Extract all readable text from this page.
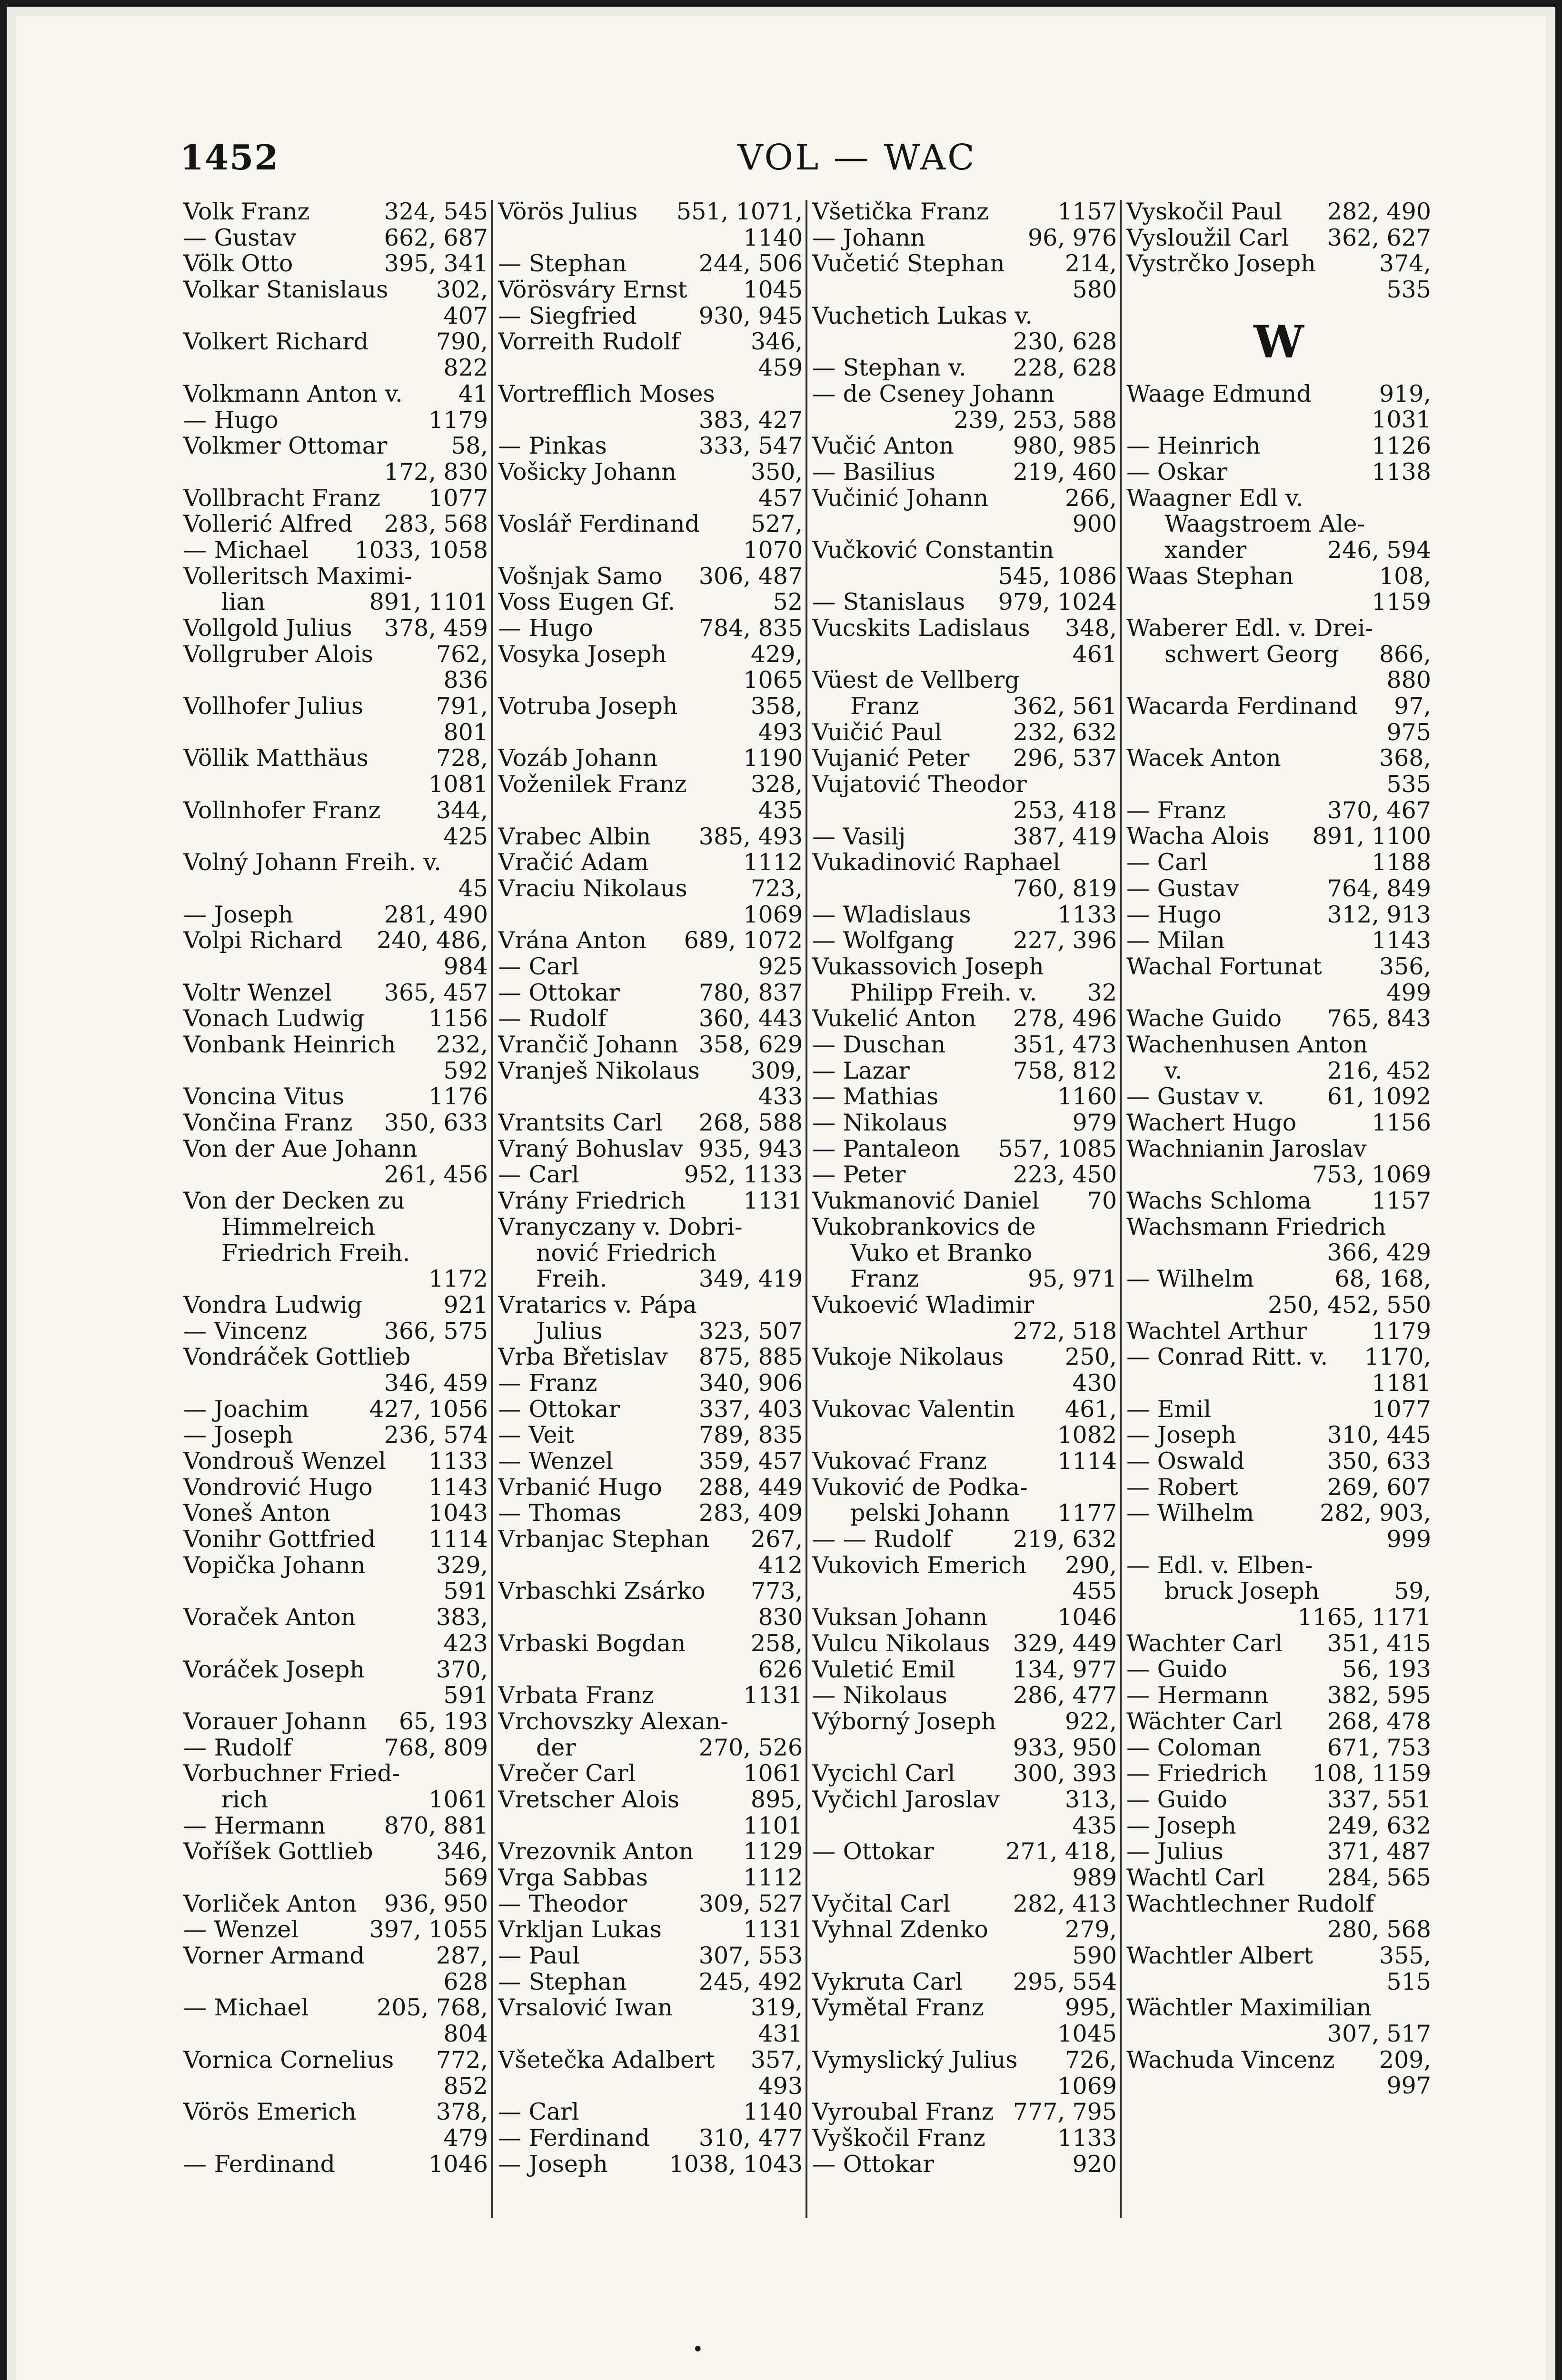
1452	VOL — WAC
Volk Franz	324, 545
— Gustav	662, 687
Völk Otto	395, 341
Volkar Stanislaus 302,
407
Volkert Richard	790,
822
Volkmann Anton v. 41
— Hugo	1179
Volkmer Ottomar	58,
172, 830
Vollbracht Franz 1077
Vollerić Alfred 283, 568
— Michael 1033, 1058
Volleritsch Maximi-
lian	891, 1101
Vollgold Julius 378, 459
Vollgruber Alois	762,
836
Vollhofer Julius	791,
801
Völlik Matthäus	728,
1081
Vollnhofer Franz 344,
425
Volný Johann Freih. v.
45
— Joseph	281, 490
Volpi Richard 240, 486,
984
Voltr Wenzel 365, 457
Vonach Ludwig	1156
Vonbank Heinrich 232,
592
Voncina Vitus	1176
Vončina Franz 350, 633
Von der Aue Johann
261, 456
Von der Decken zu
Himmelreich
Friedrich Freih.
1172
Vondra Ludwig	921
— Vincenz	366, 575
Vondráček Gottlieb
346, 459
— Joachim	427, 1056
— Joseph	236, 574
Vondrouš Wenzel 1133
Vondrović Hugo 1143
Voneš Anton	1043
Vonihr Gottfried 1114
Vopička Johann	329,
591
Voraček Anton	383,
423
Voráček Joseph	370,
591
Vorauer Johann 65, 193
— Rudolf	768, 809
Vorbuchner Fried-
rich	1061
— Hermann	870, 881
Voříšek Gottlieb	346,
569
Vorliček Anton 936, 950
— Wenzel	397, 1055
Vorner Armand	287,
628
— Michael	205, 768,
804
Vornica Cornelius 772,
852
Vörös Emerich	378,
479
— Ferdinand	1046
Vörös Julius 551, 1071,
1140
— Stephan	244, 506
Vörösváry Ernst 1045
— Siegfried	930, 945
Vorreith Rudolf	346,
459
Vortrefflich Moses
383, 427
— Pinkas	333, 547
Vošicky Johann	350,
457
Voslář Ferdinand 527,
1070
Vošnjak Samo 306, 487
Voss Eugen Gf.	52
— Hugo	784, 835
Vosyka Joseph	429,
1065
Votruba Joseph	358,
493
Vozáb Johann	1190
Voženilek Franz	328,
435
Vrabec Albin 385, 493
Vračić Adam	1112
Vraciu Nikolaus	723,
1069
Vrána Anton 689, 1072
— Carl	925
— Ottokar	780, 837
— Rudolf	360, 443
Vrančič Johann 358, 629
Vranješ Nikolaus 309,
433
Vrantsits Carl 268, 588
Vraný Bohuslav 935, 943
— Carl	952, 1133
Vrány Friedrich 1131
Vranyczany v. Dobri-
nović Friedrich
Freih.	349, 419
Vratarics v. Pápa
Julius	323, 507
Vrba Břetislav 875, 885
— Franz	340, 906
— Ottokar	337, 403
— Veit	789, 835
— Wenzel	359, 457
Vrbanić Hugo 288, 449
— Thomas	283, 409
Vrbanjac Stephan 267,
412
Vrbaschki Zsárko 773,
830
Vrbaski Bogdan	258,
626
Vrbata Franz	1131
Vrchovszky Alexan-
der	270, 526
Vrečer Carl	1061
Vretscher Alois	895,
1101
Vrezovnik Anton 1129
Vrga Sabbas	1112
— Theodor	309, 527
Vrkljan Lukas	1131
— Paul	307, 553
— Stephan	245, 492
Vrsalović Iwan	319,
431
Všetečka Adalbert 357,
493
— Carl	1140
— Ferdinand 310, 477
— Joseph	1038, 1043
Všetička Franz	1157
— Johann	96, 976
Vučetić Stephan	214,
580
Vuchetich Lukas v.
230, 628
— Stephan v. 228, 628
— de Cseney Johann
239, 253, 588
Vučić Anton	980, 985
— Basilius	219, 460
Vučinić Johann	266,
900
Vučković Constantin
545, 1086
— Stanislaus 979, 1024
Vucskits Ladislaus 348,
461
Vüest de Vellberg
Franz	362, 561
Vuičić Paul	232, 632
Vujanić Peter 296, 537
Vujatović Theodor
253, 418
— Vasilj	387, 419
Vukadinović Raphael
760, 819
— Wladislaus	1133
— Wolfgang	227, 396
Vukassovich Joseph
Philipp Freih. v. 32
Vukelić Anton 278, 496
— Duschan	351, 473
— Lazar	758, 812
— Mathias	1160
— Nikolaus	979
— Pantaleon 557, 1085
— Peter	223, 450
Vukmanović Daniel 70
Vukobrankovics de
Vuko et Branko
Franz	95, 971
Vukoević Wladimir
272, 518
Vukoje Nikolaus	250,
430
Vukovac Valentin 461,
1082
Vukovać Franz	1114
Vuković de Podka-
pelski Johann 1177
— — Rudolf	219, 632
Vukovich Emerich 290,
455
Vuksan Johann	1046
Vulcu Nikolaus 329, 449
Vuletić Emil 134, 977
— Nikolaus	286, 477
Výborný Joseph	922,
933, 950
Vycichl Carl 300, 393
Vyčichl Jaroslav	313,
435
— Ottokar	271, 418,
989
Vyčital Carl	282, 413
Vyhnal Zdenko	279,
590
Vykruta Carl 295, 554
Vymětal Franz	995,
1045
Vymyslický Julius 726,
1069
Vyroubal Franz 777, 795
Vyškočil Franz	1133
— Ottokar	920
Vyskočil Paul 282, 490
Vysloužil Carl 362, 627
Vystrčko Joseph	374,
535
W
Waage Edmund	919,
1031
— Heinrich	1126
— Oskar	1138
Waagner Edl v.
Waagstroem Ale-
xander	246, 594
Waas Stephan	108,
1159
Waberer Edl. v. Drei-
schwert Georg 866,
880
Wacarda Ferdinand 97,
975
Wacek Anton	368,
535
— Franz	370, 467
Wacha Alois 891, 1100
— Carl	1188
— Gustav	764, 849
— Hugo	312, 913
— Milan	1143
Wachal Fortunat 356,
499
Wache Guido 765, 843
Wachenhusen Anton
v.	216, 452
— Gustav v.	61, 1092
Wachert Hugo	1156
Wachnianin Jaroslav
753, 1069
Wachs Schloma	1157
Wachsmann Friedrich
366, 429
— Wilhelm	68, 168,
250, 452, 550
Wachtel Arthur	1179
— Conrad Ritt. v. 1170,
1181
— Emil	1077
— Joseph	310, 445
— Oswald	350, 633
— Robert	269, 607
— Wilhelm	282, 903,
999
— Edl. v. Elben-
bruck Joseph	59,
1165, 1171
Wachter Carl 351, 415
— Guido	56, 193
— Hermann	382, 595
Wächter Carl 268, 478
— Coloman	671, 753
— Friedrich 108, 1159
— Guido	337, 551
— Joseph	249, 632
— Julius	371, 487
Wachtl Carl	284, 565
Wachtlechner Rudolf
280, 568
Wachtler Albert	355,
515
Wächtler Maximilian
307, 517
Wachuda Vincenz 209,
997
•
